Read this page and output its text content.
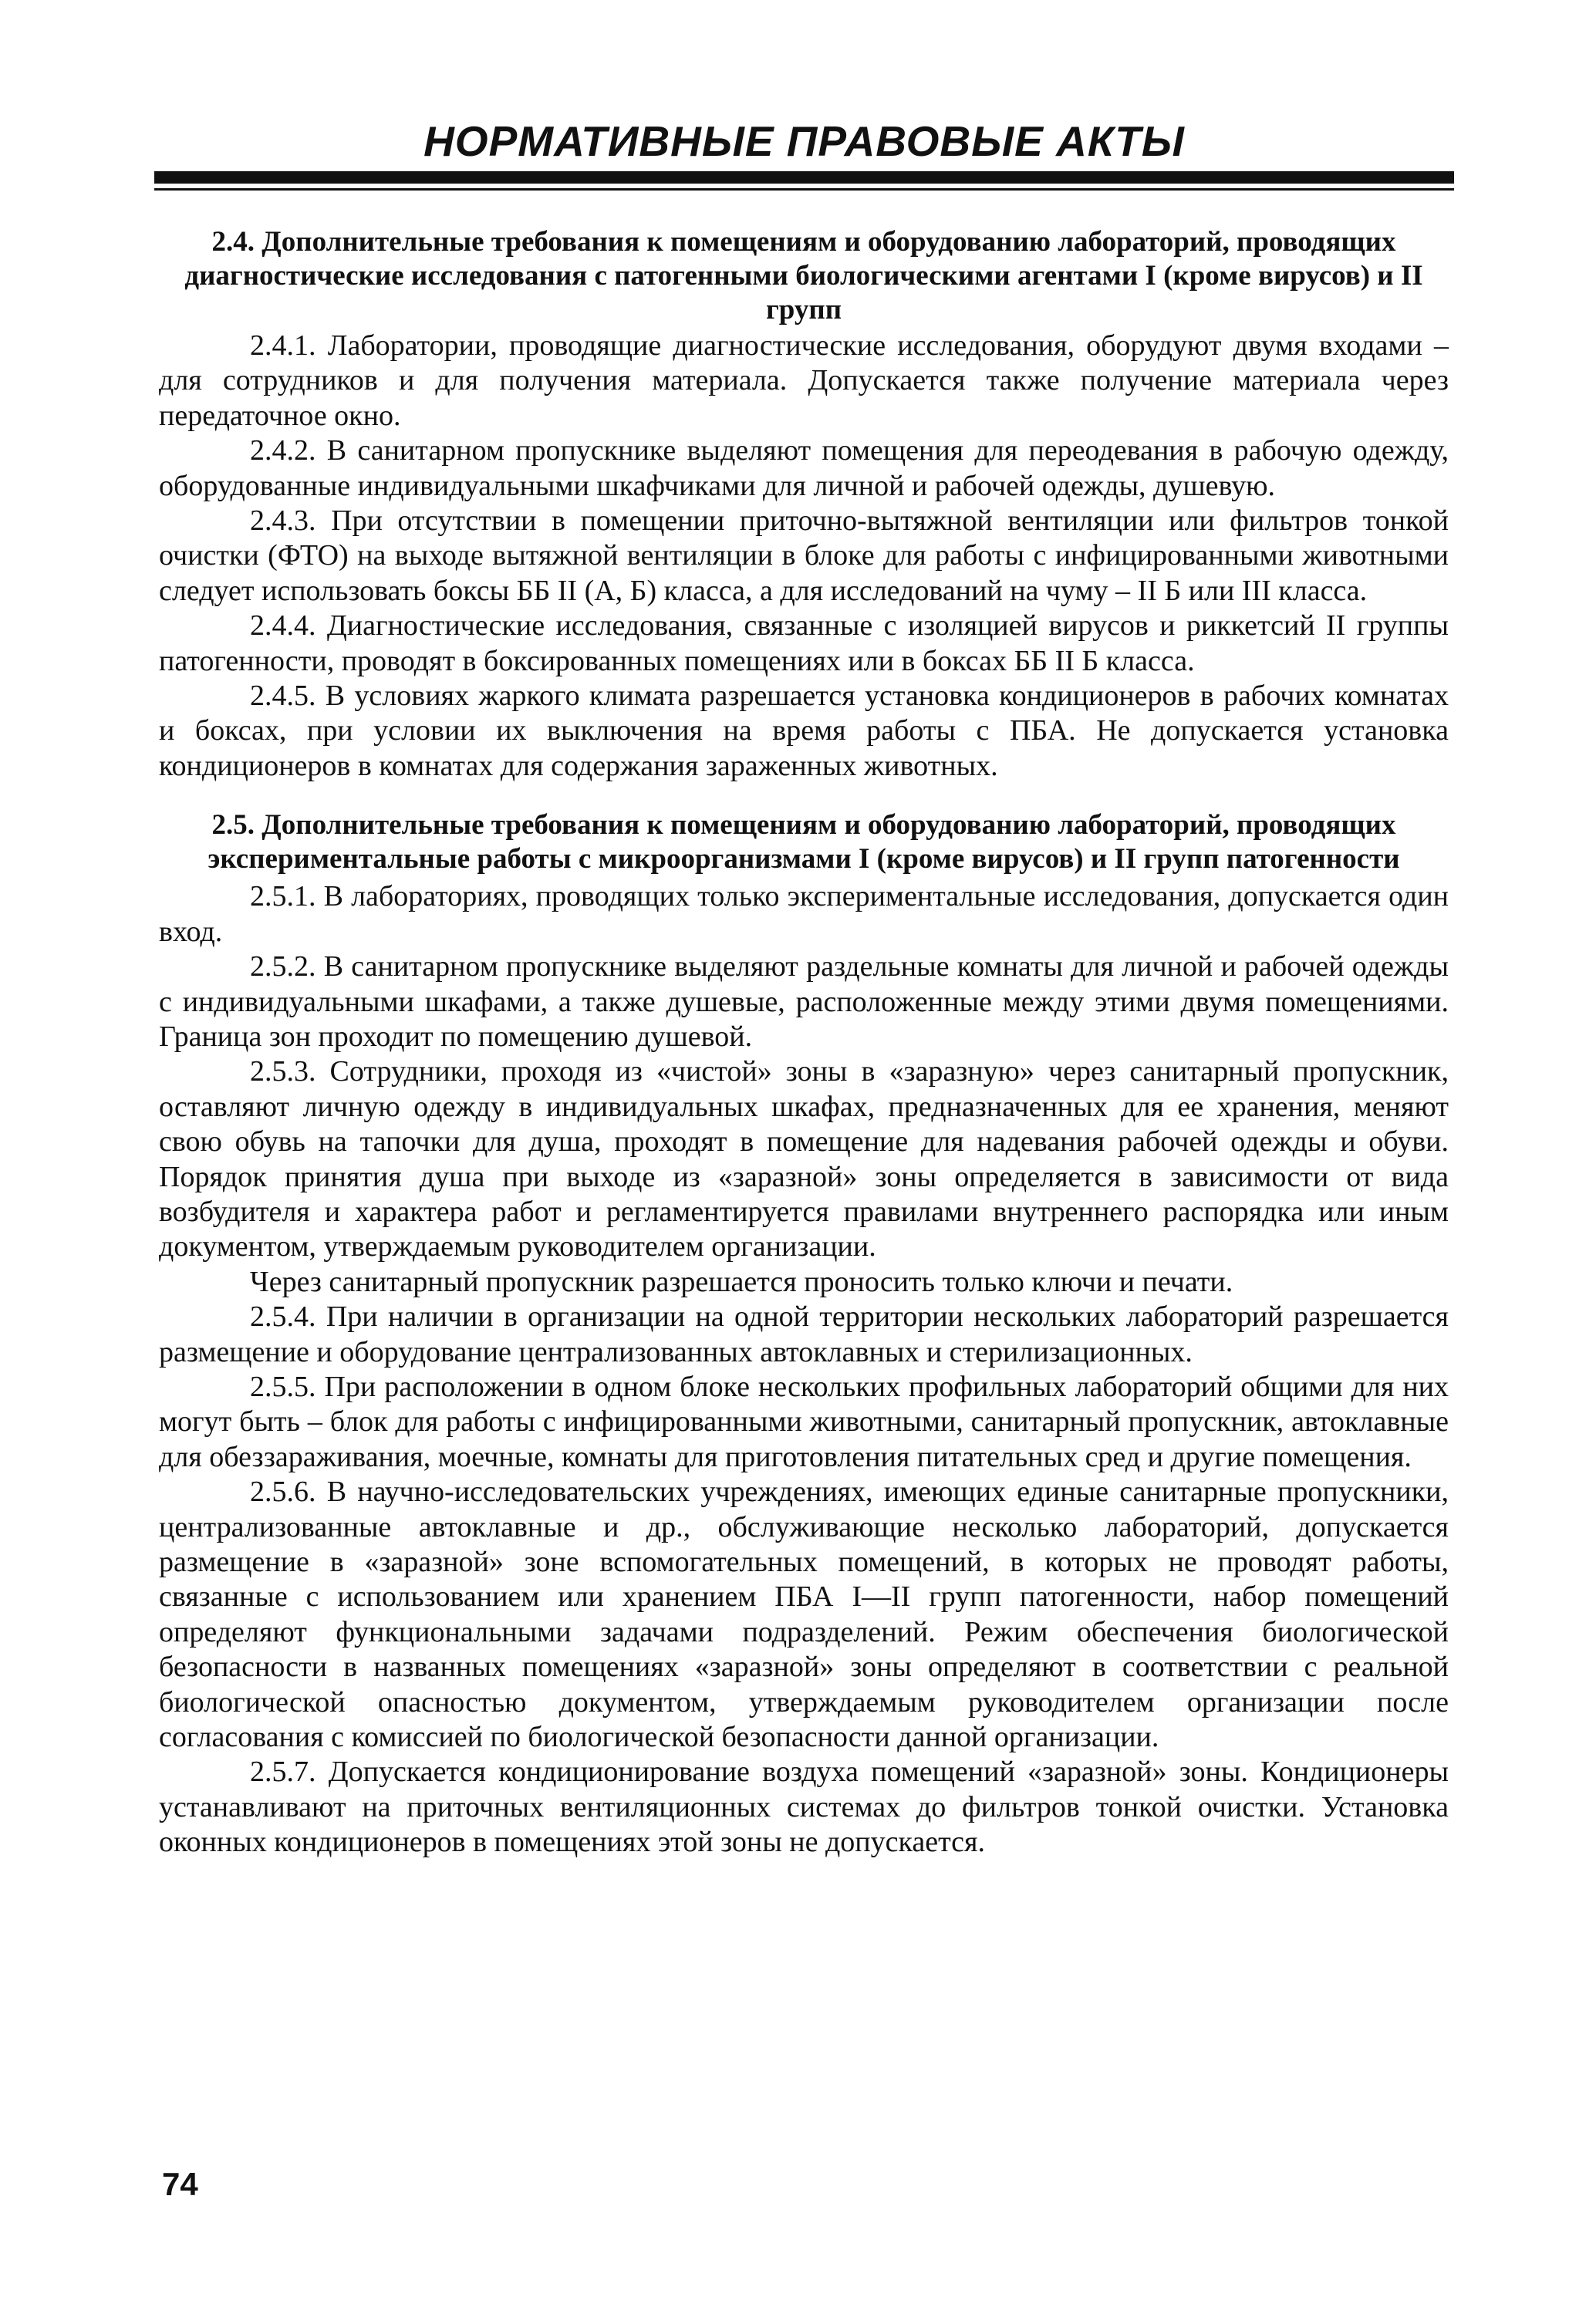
НОРМАТИВНЫЕ ПРАВОВЫЕ АКТЫ
2.4. Дополнительные требования к помещениям и оборудованию лабораторий, проводящих диагностические исследования с патогенными биологическими агентами I (кроме вирусов) и II групп

2.4.1. Лаборатории, проводящие диагностические исследования, оборудуют двумя входами – для сотрудников и для получения материала. Допускается также получение материала через передаточное окно.

2.4.2. В санитарном пропускнике выделяют помещения для переодевания в рабочую одежду, оборудованные индивидуальными шкафчиками для личной и рабочей одежды, душевую.

2.4.3. При отсутствии в помещении приточно-вытяжной вентиляции или фильтров тонкой очистки (ФТО) на выходе вытяжной вентиляции в блоке для работы с инфицированными животными следует использовать боксы ББ II (А, Б) класса, а для исследований на чуму – II Б или III класса.

2.4.4. Диагностические исследования, связанные с изоляцией вирусов и риккетсий II группы патогенности, проводят в боксированных помещениях или в боксах ББ II Б класса.

2.4.5. В условиях жаркого климата разрешается установка кондиционеров в рабочих комнатах и боксах, при условии их выключения на время работы с ПБА. Не допускается установка кондиционеров в комнатах для содержания зараженных животных.

2.5. Дополнительные требования к помещениям и оборудованию лабораторий, проводящих экспериментальные работы с микроорганизмами I (кроме вирусов) и II групп патогенности

2.5.1. В лабораториях, проводящих только экспериментальные исследования, допускается один вход.

2.5.2. В санитарном пропускнике выделяют раздельные комнаты для личной и рабочей одежды с индивидуальными шкафами, а также душевые, расположенные между этими двумя помещениями. Граница зон проходит по помещению душевой.

2.5.3. Сотрудники, проходя из «чистой» зоны в «заразную» через санитарный пропускник, оставляют личную одежду в индивидуальных шкафах, предназначенных для ее хранения, меняют свою обувь на тапочки для душа, проходят в помещение для надевания рабочей одежды и обуви. Порядок принятия душа при выходе из «заразной» зоны определяется в зависимости от вида возбудителя и характера работ и регламентируется правилами внутреннего распорядка или иным документом, утверждаемым руководителем организации.

Через санитарный пропускник разрешается проносить только ключи и печати.

2.5.4. При наличии в организации на одной территории нескольких лабораторий разрешается размещение и оборудование централизованных автоклавных и стерилизационных.

2.5.5. При расположении в одном блоке нескольких профильных лабораторий общими для них могут быть – блок для работы с инфицированными животными, санитарный пропускник, автоклавные для обеззараживания, моечные, комнаты для приготовления питательных сред и другие помещения.

2.5.6. В научно-исследовательских учреждениях, имеющих единые санитарные пропускники, централизованные автоклавные и др., обслуживающие несколько лабораторий, допускается размещение в «заразной» зоне вспомогательных помещений, в которых не проводят работы, связанные с использованием или хранением ПБА I—II групп патогенности, набор помещений определяют функциональными задачами подразделений. Режим обеспечения биологической безопасности в названных помещениях «заразной» зоны определяют в соответствии с реальной биологической опасностью документом, утверждаемым руководителем организации после согласования с комиссией по биологической безопасности данной организации.

2.5.7. Допускается кондиционирование воздуха помещений «заразной» зоны. Кондиционеры устанавливают на приточных вентиляционных системах до фильтров тонкой очистки. Установка оконных кондиционеров в помещениях этой зоны не допускается.

74
